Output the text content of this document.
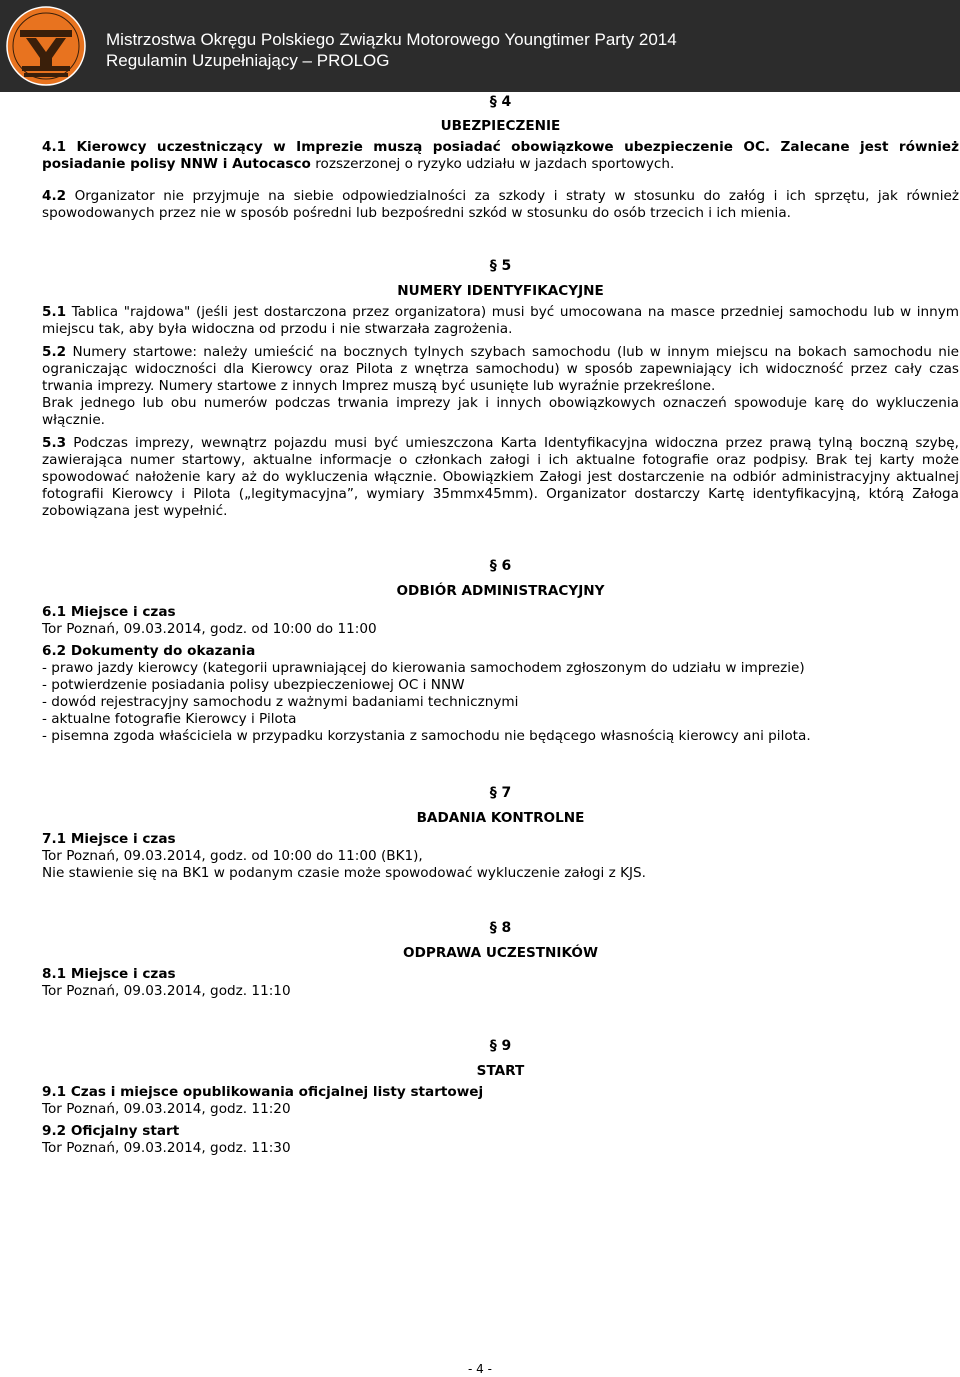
Mistrzostwa Okręgu Polskiego Związku Motorowego Youngtimer Party 2014
Regulamin Uzupełniający – PROLOG
§ 4
UBEZPIECZENIE

4.1 Kierowcy uczestniczący w Imprezie muszą posiadać obowiązkowe ubezpieczenie OC. Zalecane jest również posiadanie polisy NNW i Autocasco rozszerzonej o ryzyko udziału w jazdach sportowych.

4.2 Organizator nie przyjmuje na siebie odpowiedzialności za szkody i straty w stosunku do załóg i ich sprzętu, jak również spowodowanych przez nie w sposób pośredni lub bezpośredni szkód w stosunku do osób trzecich i ich mienia.

§ 5
NUMERY IDENTYFIKACYJNE

5.1 Tablica "rajdowa" (jeśli jest dostarczona przez organizatora) musi być umocowana na masce przedniej samochodu lub w innym miejscu tak, aby była widoczna od przodu i nie stwarzała zagrożenia.

5.2 Numery startowe: należy umieścić na bocznych tylnych szybach samochodu (lub w innym miejscu na bokach samochodu nie ograniczając widoczności dla Kierowcy oraz Pilota z wnętrza samochodu) w sposób zapewniający ich widoczność przez cały czas trwania imprezy. Numery startowe z innych Imprez muszą być usunięte lub wyraźnie przekreślone.

Brak jednego lub obu numerów podczas trwania imprezy jak i innych obowiązkowych oznaczeń spowoduje karę do wykluczenia włącznie.

5.3 Podczas imprezy, wewnątrz pojazdu musi być umieszczona Karta Identyfikacyjna widoczna przez prawą tylną boczną szybę, zawierająca numer startowy, aktualne informacje o członkach załogi i ich aktualne fotografie oraz podpisy. Brak tej karty może spowodować nałożenie kary aż do wykluczenia włącznie. Obowiązkiem Załogi jest dostarczenie na odbiór administracyjny aktualnej fotografii Kierowcy i Pilota („legitymacyjna”, wymiary 35mmx45mm). Organizator dostarczy Kartę identyfikacyjną, którą Załoga zobowiązana jest wypełnić.

§ 6
ODBIÓR ADMINISTRACYJNY
6.1 Miejsce i czas
Tor Poznań, 09.03.2014, godz. od 10:00 do 11:00
6.2 Dokumenty do okazania
- prawo jazdy kierowcy (kategorii uprawniającej do kierowania samochodem zgłoszonym do udziału w imprezie)
- potwierdzenie posiadania polisy ubezpieczeniowej OC i NNW
- dowód rejestracyjny samochodu z ważnymi badaniami technicznymi
- aktualne fotografie Kierowcy i Pilota
- pisemna zgoda właściciela w przypadku korzystania z samochodu nie będącego własnością kierowcy ani pilota.
§ 7
BADANIA KONTROLNE
7.1 Miejsce i czas
Tor Poznań, 09.03.2014, godz. od 10:00 do 11:00 (BK1),
Nie stawienie się na BK1 w podanym czasie może spowodować wykluczenie załogi z KJS.
§ 8
ODPRAWA UCZESTNIKÓW
8.1 Miejsce i czas
Tor Poznań, 09.03.2014, godz. 11:10
§ 9
START
9.1 Czas i miejsce opublikowania oficjalnej listy startowej
Tor Poznań, 09.03.2014, godz. 11:20
9.2 Oficjalny start
Tor Poznań, 09.03.2014, godz. 11:30
- 4 -
